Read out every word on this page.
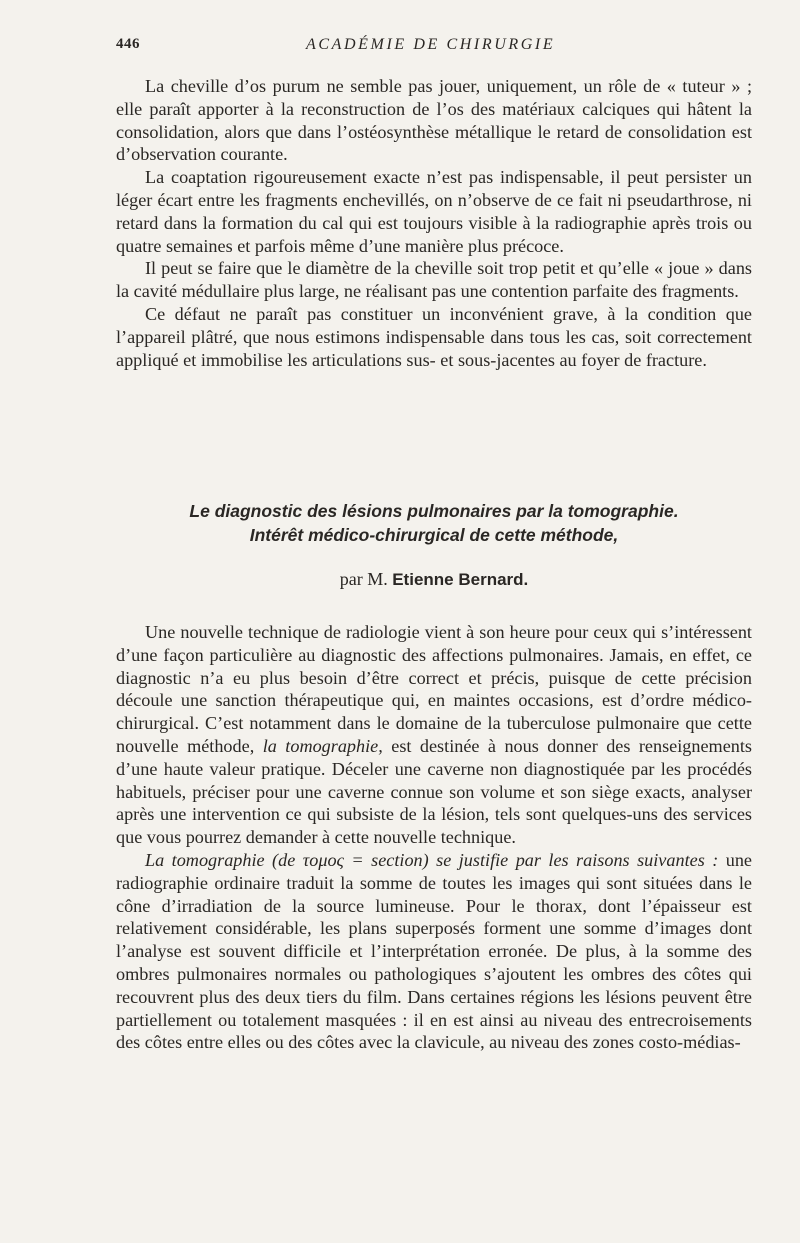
446	ACADÉMIE DE CHIRURGIE

La cheville d’os purum ne semble pas jouer, uniquement, un rôle de « tuteur » ; elle paraît apporter à la reconstruction de l’os des matériaux calciques qui hâtent la consolidation, alors que dans l’ostéosynthèse métallique le retard de consolidation est d’observation courante.

La coaptation rigoureusement exacte n’est pas indispensable, il peut persister un léger écart entre les fragments enchevillés, on n’observe de ce fait ni pseudarthrose, ni retard dans la formation du cal qui est toujours visible à la radiographie après trois ou quatre semaines et parfois même d’une manière plus précoce.

Il peut se faire que le diamètre de la cheville soit trop petit et qu’elle « joue » dans la cavité médullaire plus large, ne réalisant pas une contention parfaite des fragments.

Ce défaut ne paraît pas constituer un inconvénient grave, à la condition que l’appareil plâtré, que nous estimons indispensable dans tous les cas, soit correctement appliqué et immobilise les articulations sus- et sous-jacentes au foyer de fracture.

Le diagnostic des lésions pulmonaires par la tomographie.
Intérêt médico-chirurgical de cette méthode,
par M. Etienne Bernard.

Une nouvelle technique de radiologie vient à son heure pour ceux qui s’intéressent d’une façon particulière au diagnostic des affections pulmonaires. Jamais, en effet, ce diagnostic n’a eu plus besoin d’être correct et précis, puisque de cette précision découle une sanction thérapeutique qui, en maintes occasions, est d’ordre médico-chirurgical. C’est notamment dans le domaine de la tuberculose pulmonaire que cette nouvelle méthode, la tomographie, est destinée à nous donner des renseignements d’une haute valeur pratique. Déceler une caverne non diagnostiquée par les procédés habituels, préciser pour une caverne connue son volume et son siège exacts, analyser après une intervention ce qui subsiste de la lésion, tels sont quelques-uns des services que vous pourrez demander à cette nouvelle technique.

La tomographie (de τομος = section) se justifie par les raisons suivantes : une radiographie ordinaire traduit la somme de toutes les images qui sont situées dans le cône d’irradiation de la source lumineuse. Pour le thorax, dont l’épaisseur est relativement considérable, les plans superposés forment une somme d’images dont l’analyse est souvent difficile et l’interprétation erronée. De plus, à la somme des ombres pulmonaires normales ou pathologiques s’ajoutent les ombres des côtes qui recouvrent plus des deux tiers du film. Dans certaines régions les lésions peuvent être partiellement ou totalement masquées : il en est ainsi au niveau des entrecroisements des côtes entre elles ou des côtes avec la clavicule, au niveau des zones costo-médias-
